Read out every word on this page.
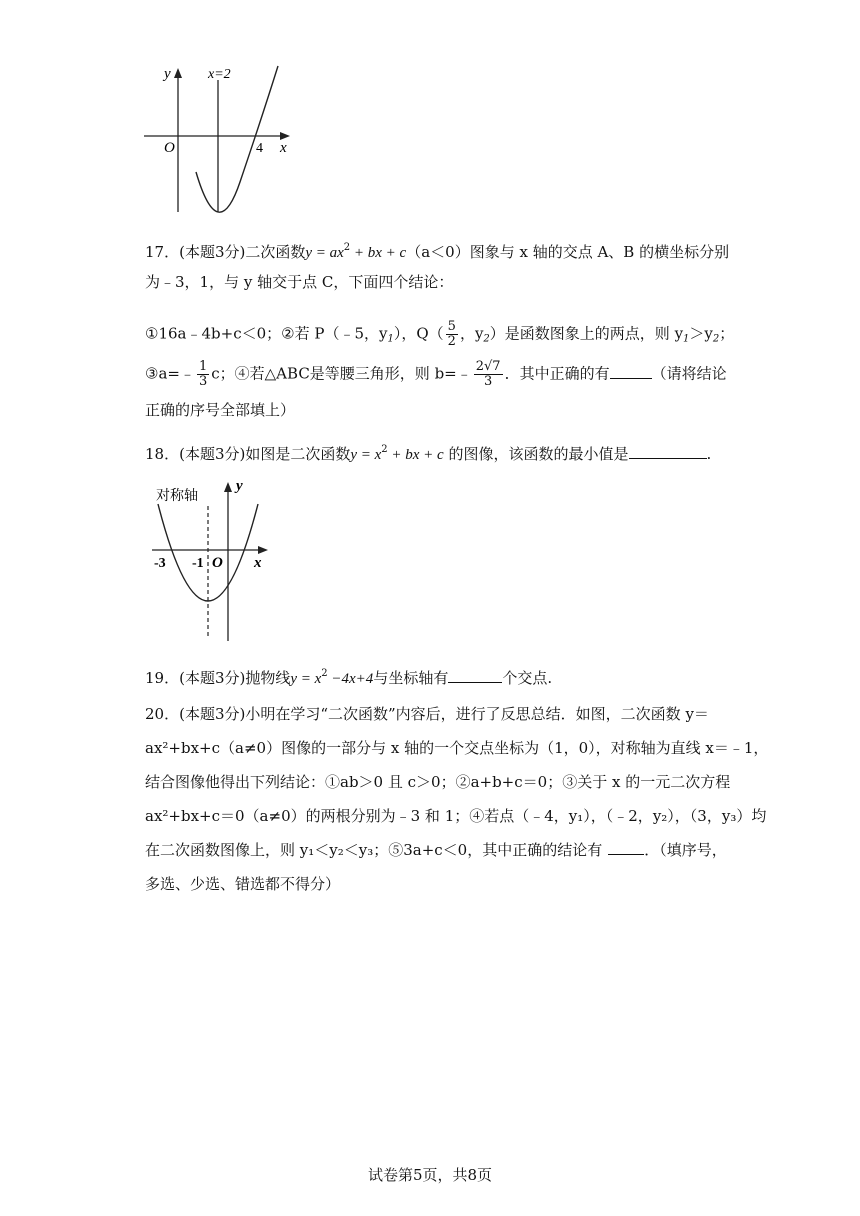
y	x=2
O	4 x
17．(本题3分)二次函数$y = ax^2$ + bx + c（a＜0）图象与 x 轴的交点 A、B 的横坐标分别
为﹣3，1，与 y 轴交于点 C，下面四个结论：
①16a﹣4b+c＜0；②若 P（﹣5，$y_1$），$Q( \frac{5}{2}$ ，$y_2$）是函数图象上的两点，则 $y_1>y_2$；
③a=﹣ $\frac{1}{3}$ c；④若△ABC是等腰三角形，则 b=﹣ $\frac{2√7}{3}$ ．其中正确的有	（请将结论
正确的序号全部填上）
18．(本题3分)如图是二次函数$y = x^2$ + bx + c 的图像，该函数的最小值是	.
对称轴
y
-3 -1 O x
19．(本题3分)抛物线$y = x^2 -4x+4$与坐标轴有	个交点.
20．(本题3分)小明在学习“二次函数”内容后，进行了反思总结．如图，二次函数 y＝
ax²+bx+c（a≠0）图像的一部分与 x 轴的一个交点坐标为（1，0），对称轴为直线 x＝﹣1，
结合图像他得出下列结论：①ab＞0 且 c＞0；②a+b+c＝0；③关于 x 的一元二次方程
ax²+bx+c＝0（a≠0）的两根分别为﹣3 和 1；④若点（﹣4，y₁），（﹣2，y₂），（3，y₃）均
在二次函数图像上，则 y₁＜y₂＜y₃；⑤3a+c＜0，其中正确的结论有	．（填序号，
多选、少选、错选都不得分）
试卷第5页，共8页
